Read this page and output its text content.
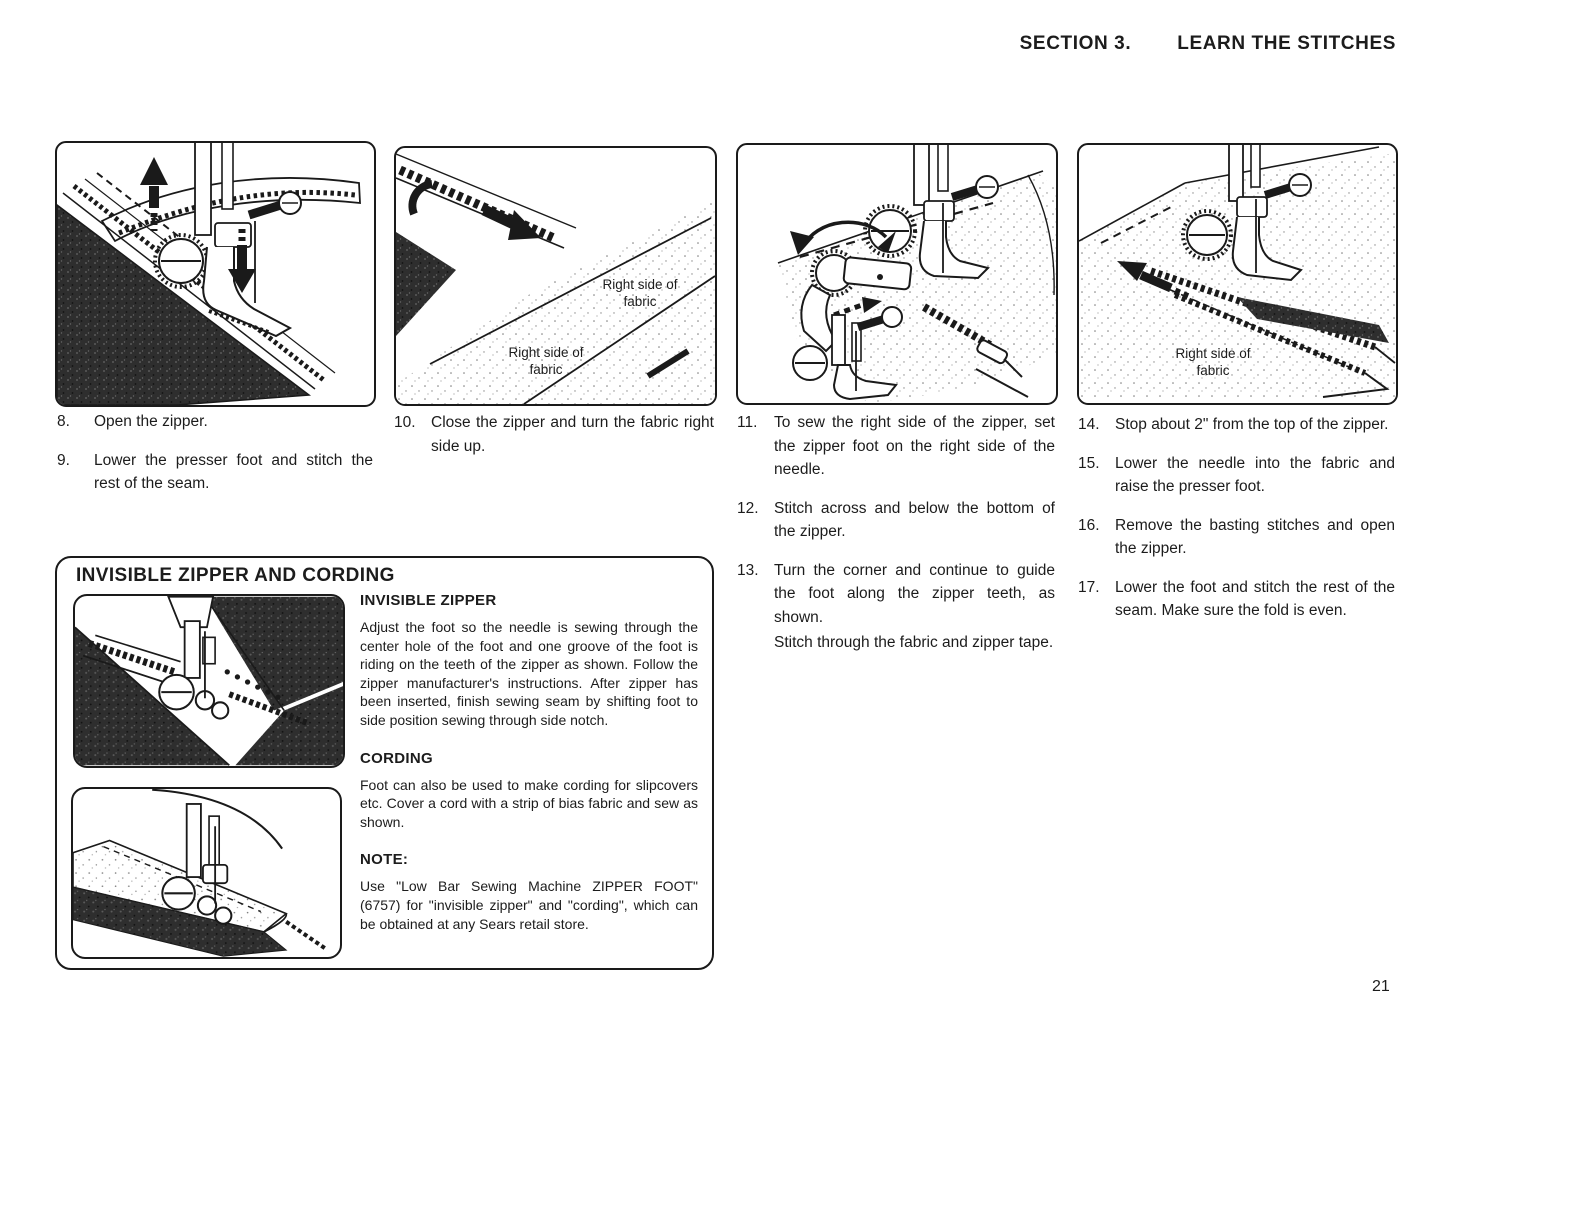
SECTION 3. LEARN THE STITCHES
Right side of fabric
Right side of fabric
Right side of fabric
8.	Open the zipper.
9.	Lower the presser foot and stitch the rest of the seam.
10. Close the zipper and turn the fabric right side up.
11.	To sew the right side of the zipper, set the zipper foot on the right side of the needle.
12. Stitch across and below the bottom of the zipper.
13. Turn the corner and continue to guide the foot along the zipper teeth, as shown.

Stitch through the fabric and zipper tape.

14. Stop about 2" from the top of the zipper.
15. Lower the needle into the fabric and raise the presser foot.
16. Remove the basting stitches and open the zipper.
17. Lower the foot and stitch the rest of the seam. Make sure the fold is even.
INVISIBLE ZIPPER AND CORDING
INVISIBLE ZIPPER

Adjust the foot so the needle is sewing through the center hole of the foot and one groove of the foot is riding on the teeth of the zipper as shown. Follow the zipper manufacturer's instructions. After zipper has been inserted, finish sewing seam by shifting foot to side position sewing through side notch.

CORDING

Foot can also be used to make cording for slipcovers etc. Cover a cord with a strip of bias fabric and sew as shown.

NOTE:

Use "Low Bar Sewing Machine ZIPPER FOOT" (6757) for "invisible zipper" and "cording", which can be obtained at any Sears retail store.

21
